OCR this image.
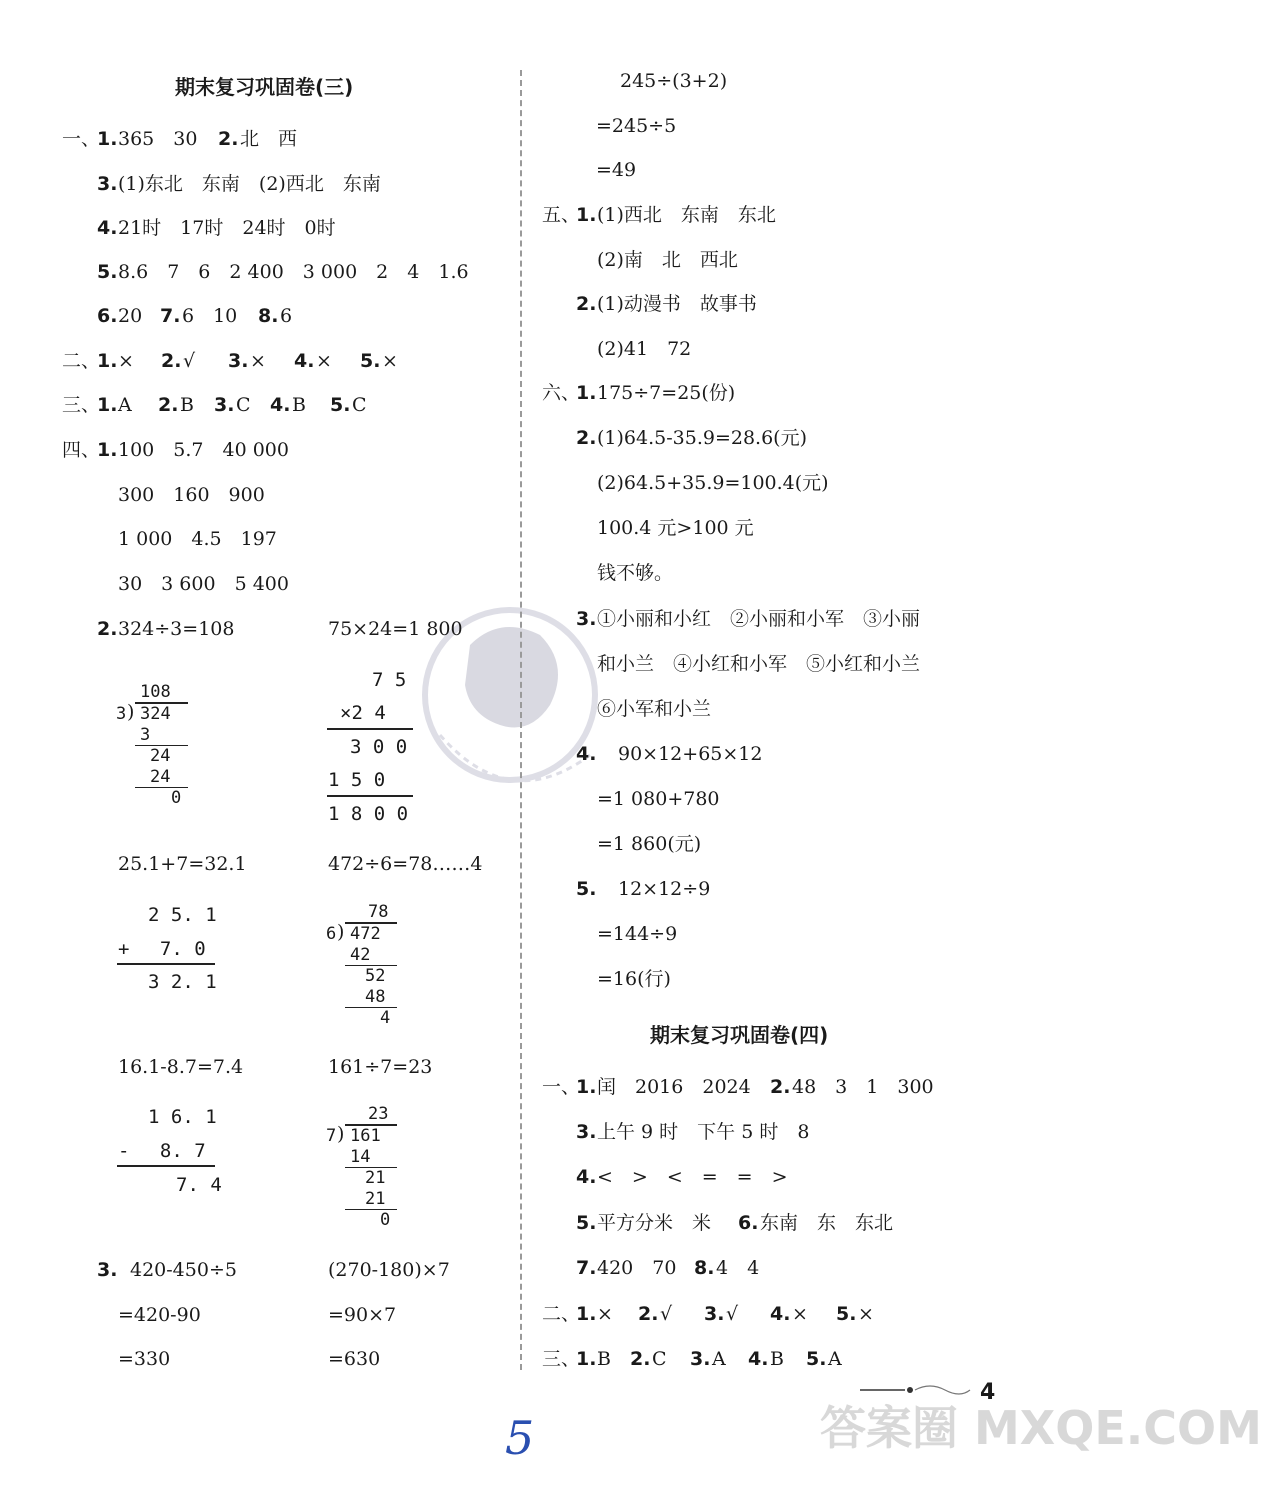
期末复习巩固卷(三)
一、
1. 365　30 2. 北　西
3. (1)东北　东南　(2)西北　东南
4. 21时　17时　24时　0时
5. 8.6　7　6　2 400　3 000　2　4　1.6
6. 20 7. 6　10 8. 6
二、
1. × 2. √ 3. × 4. × 5. ×
三、
1. A 2. B 3. C 4. B 5. C
四、
1. 100　5.7　40 000
300　160　900
1 000　4.5　197
30　3 600　5 400
2. 324÷3=108	75×24=1 800
108
3 ) 324
3
24
24
0
7 5
×2 4
3 0 0
1 5 0
1 8 0 0
25.1+7=32.1	472÷6=78……4
2 5. 1
+　 7. 0
3 2. 1
78
6 ) 472
42
52
48
4
16.1-8.7=7.4	161÷7=23
1 6. 1
-　 8. 7
7. 4
23
7 ) 161
14
21
21
0
3. 420-450÷5
=420-90
=330
(270-180)×7
=90×7
=630
245÷(3+2)
=245÷5
=49
五、
1. (1)西北　东南　东北
(2)南　北　西北
2. (1)动漫书　故事书
(2)41　72
六、
1. 175÷7=25(份)
2. (1)64.5-35.9=28.6(元)
(2)64.5+35.9=100.4(元)
100.4 元>100 元
钱不够。
3. ①小丽和小红　②小丽和小军　③小丽
和小兰　④小红和小军　⑤小红和小兰
⑥小军和小兰
4. 90×12+65×12
=1 080+780
=1 860(元)
5. 12×12÷9
=144÷9
=16(行)
期末复习巩固卷(四)
一、
1. 闰　2016　2024 2. 48　3　1　300
3. 上午 9 时　下午 5 时　8
4. <　>　<　=　=　>
5. 平方分米　米 6. 东南　东　东北
7. 420　70 8. 4　4
二、
1. × 2. √ 3. √ 4. × 5. ×
三、
1. B 2. C 3. A 4. B 5. A
4
5	答案圈 MXQE.COM
